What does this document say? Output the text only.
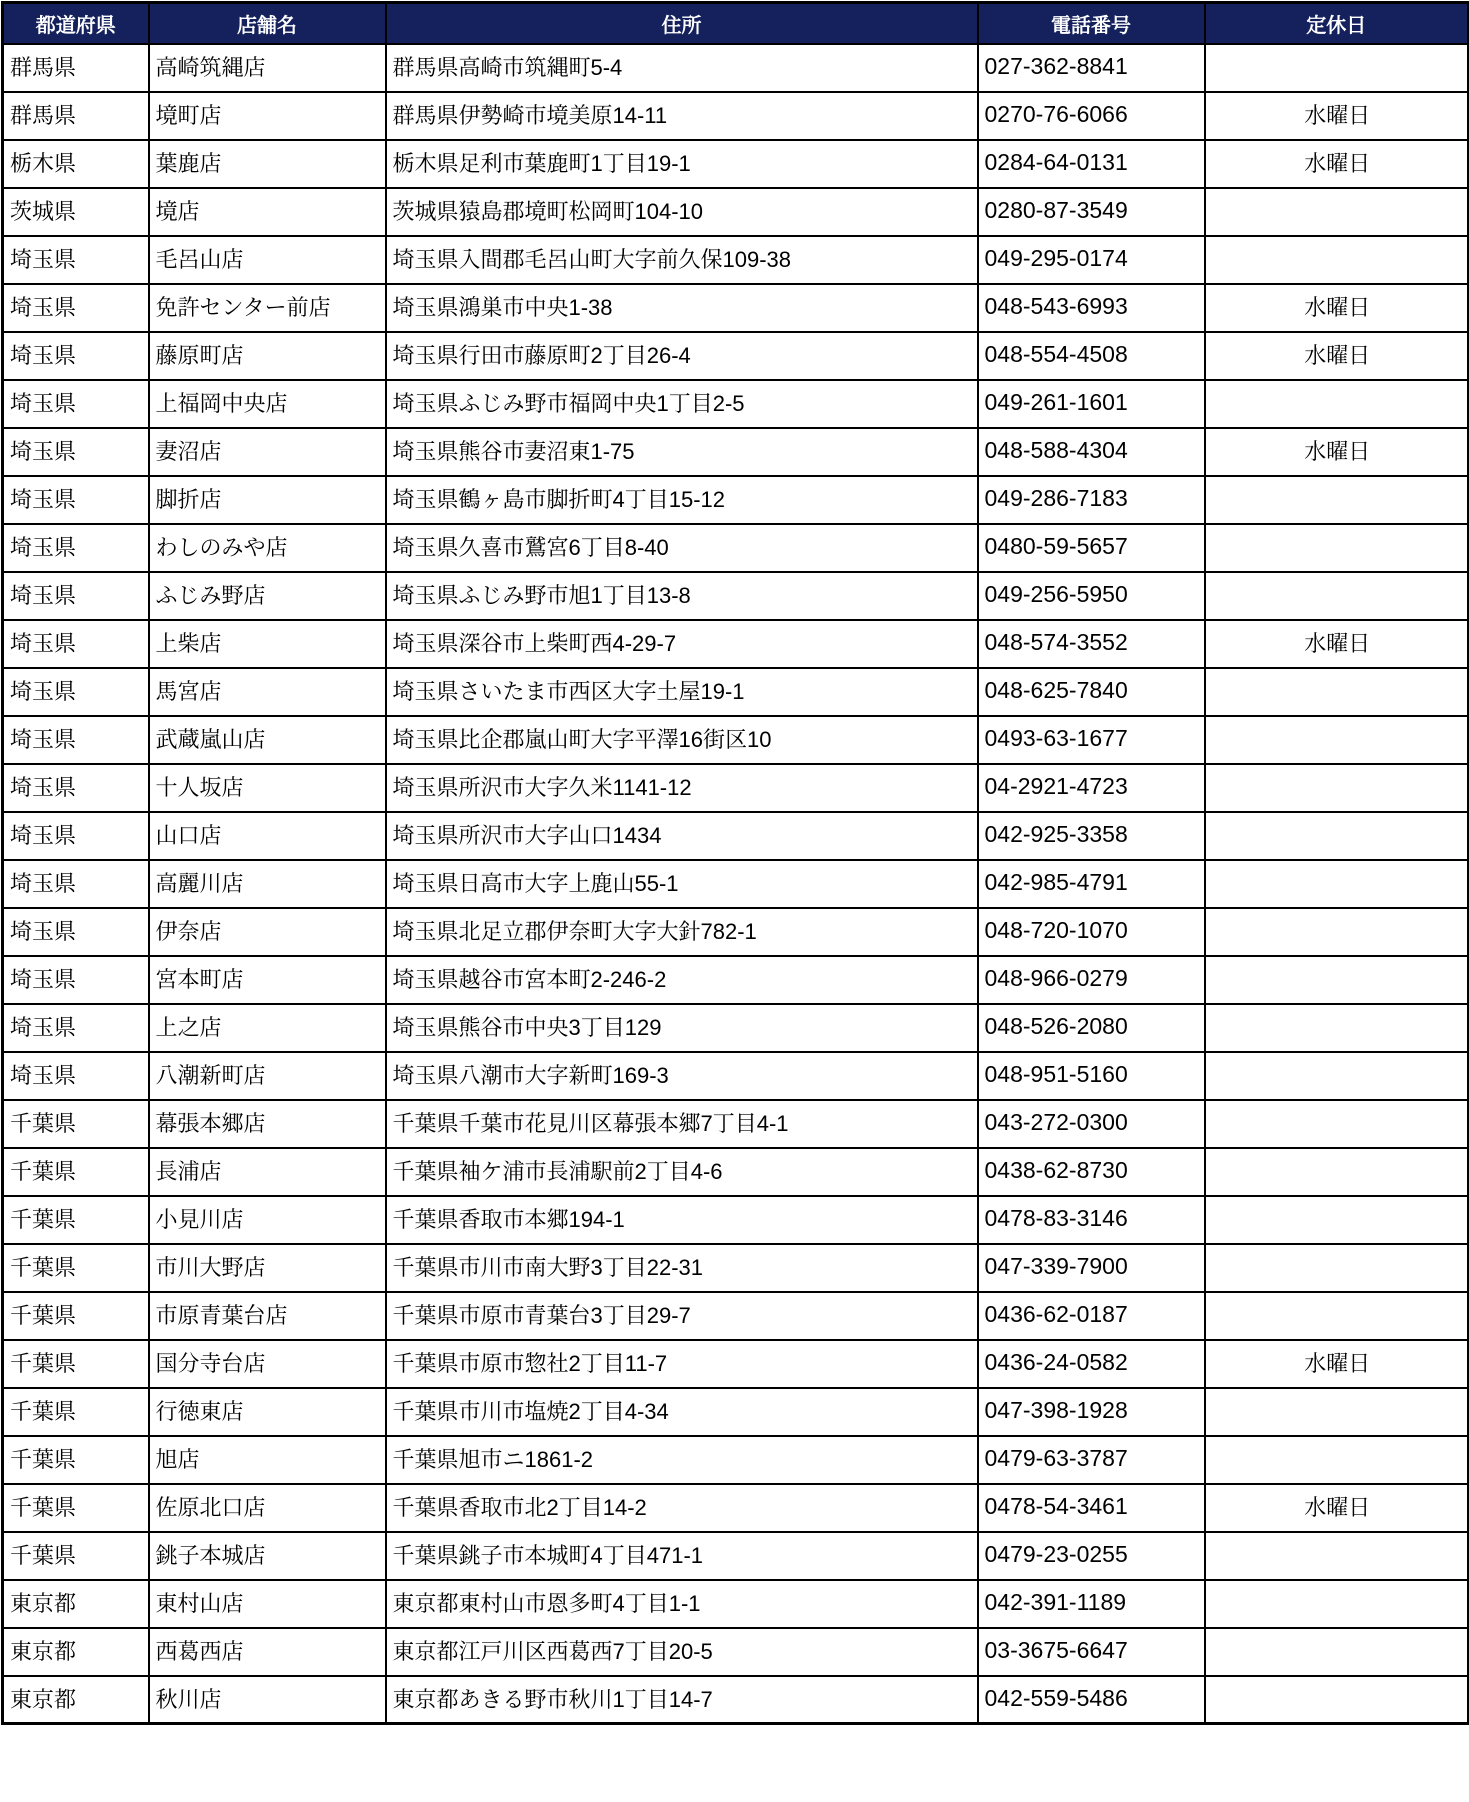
都道府県	店舗名	住所	電話番号	定休日
群馬県	高崎筑縄店	群馬県高崎市筑縄町5-4	027-362-8841	
群馬県	境町店	群馬県伊勢崎市境美原14-11	0270-76-6066	水曜日
栃木県	葉鹿店	栃木県足利市葉鹿町1丁目19-1	0284-64-0131	水曜日
茨城県	境店	茨城県猿島郡境町松岡町104-10	0280-87-3549	
埼玉県	毛呂山店	埼玉県入間郡毛呂山町大字前久保109-38	049-295-0174	
埼玉県	免許センター前店	埼玉県鴻巣市中央1-38	048-543-6993	水曜日
埼玉県	藤原町店	埼玉県行田市藤原町2丁目26-4	048-554-4508	水曜日
埼玉県	上福岡中央店	埼玉県ふじみ野市福岡中央1丁目2-5	049-261-1601	
埼玉県	妻沼店	埼玉県熊谷市妻沼東1-75	048-588-4304	水曜日
埼玉県	脚折店	埼玉県鶴ヶ島市脚折町4丁目15-12	049-286-7183	
埼玉県	わしのみや店	埼玉県久喜市鷲宮6丁目8-40	0480-59-5657	
埼玉県	ふじみ野店	埼玉県ふじみ野市旭1丁目13-8	049-256-5950	
埼玉県	上柴店	埼玉県深谷市上柴町西4-29-7	048-574-3552	水曜日
埼玉県	馬宮店	埼玉県さいたま市西区大字土屋19-1	048-625-7840	
埼玉県	武蔵嵐山店	埼玉県比企郡嵐山町大字平澤16街区10	0493-63-1677	
埼玉県	十人坂店	埼玉県所沢市大字久米1141-12	04-2921-4723	
埼玉県	山口店	埼玉県所沢市大字山口1434	042-925-3358	
埼玉県	高麗川店	埼玉県日高市大字上鹿山55-1	042-985-4791	
埼玉県	伊奈店	埼玉県北足立郡伊奈町大字大針782-1	048-720-1070	
埼玉県	宮本町店	埼玉県越谷市宮本町2-246-2	048-966-0279	
埼玉県	上之店	埼玉県熊谷市中央3丁目129	048-526-2080	
埼玉県	八潮新町店	埼玉県八潮市大字新町169-3	048-951-5160	
千葉県	幕張本郷店	千葉県千葉市花見川区幕張本郷7丁目4-1	043-272-0300	
千葉県	長浦店	千葉県袖ケ浦市長浦駅前2丁目4-6	0438-62-8730	
千葉県	小見川店	千葉県香取市本郷194-1	0478-83-3146	
千葉県	市川大野店	千葉県市川市南大野3丁目22-31	047-339-7900	
千葉県	市原青葉台店	千葉県市原市青葉台3丁目29-7	0436-62-0187	
千葉県	国分寺台店	千葉県市原市惣社2丁目11-7	0436-24-0582	水曜日
千葉県	行徳東店	千葉県市川市塩焼2丁目4-34	047-398-1928	
千葉県	旭店	千葉県旭市ニ1861-2	0479-63-3787	
千葉県	佐原北口店	千葉県香取市北2丁目14-2	0478-54-3461	水曜日
千葉県	銚子本城店	千葉県銚子市本城町4丁目471-1	0479-23-0255	
東京都	東村山店	東京都東村山市恩多町4丁目1-1	042-391-1189	
東京都	西葛西店	東京都江戸川区西葛西7丁目20-5	03-3675-6647	
東京都	秋川店	東京都あきる野市秋川1丁目14-7	042-559-5486	
